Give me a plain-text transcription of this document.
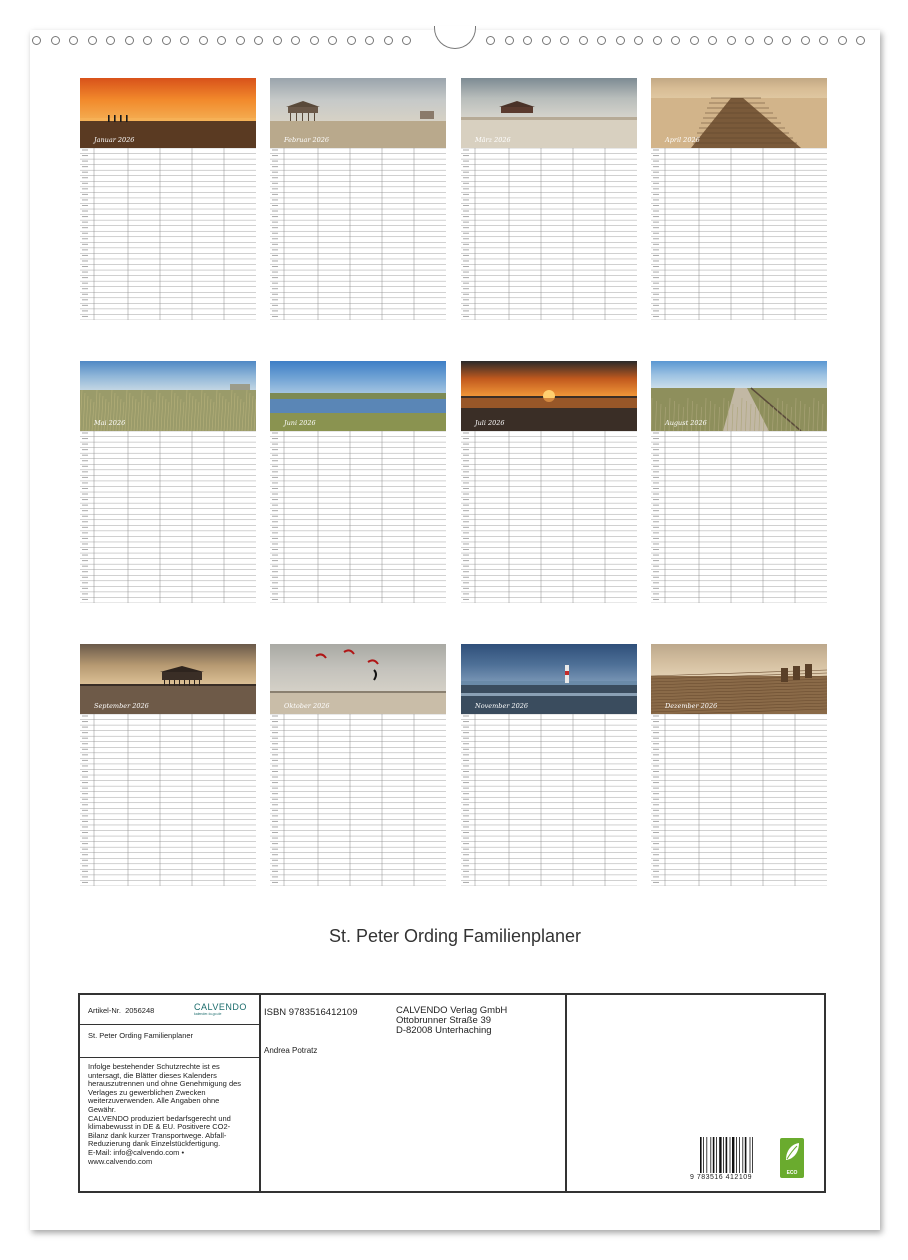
Januar 2026	Februar 2026	März 2026	April 2026
Mai 2026	Juni 2026	Juli 2026	August 2026
September 2026	Oktober 2026	November 2026	Dezember 2026
St. Peter Ording Familienplaner
Artikel-Nr. 2056248	CALVENDO
kalender-to-go.de
St. Peter Ording Familienplaner
Infolge bestehender Schutzrechte ist es
untersagt, die Blätter dieses Kalenders
herauszutrennen und ohne Genehmigung des
Verlages zu gewerblichen Zwecken
weiterzuverwenden. Alle Angaben ohne
Gewähr.
CALVENDO produziert bedarfsgerecht und
klimabewusst in DE & EU. Positivere CO2-
Bilanz dank kurzer Transportwege. Abfall-
Reduzierung dank Einzelstückfertigung.
E-Mail: info@calvendo.com •
www.calvendo.com
ISBN 9783516412109
Andrea Potratz
CALVENDO Verlag GmbH
Ottobrunner Straße 39
D-82008 Unterhaching
9 783516 412109
ECO
